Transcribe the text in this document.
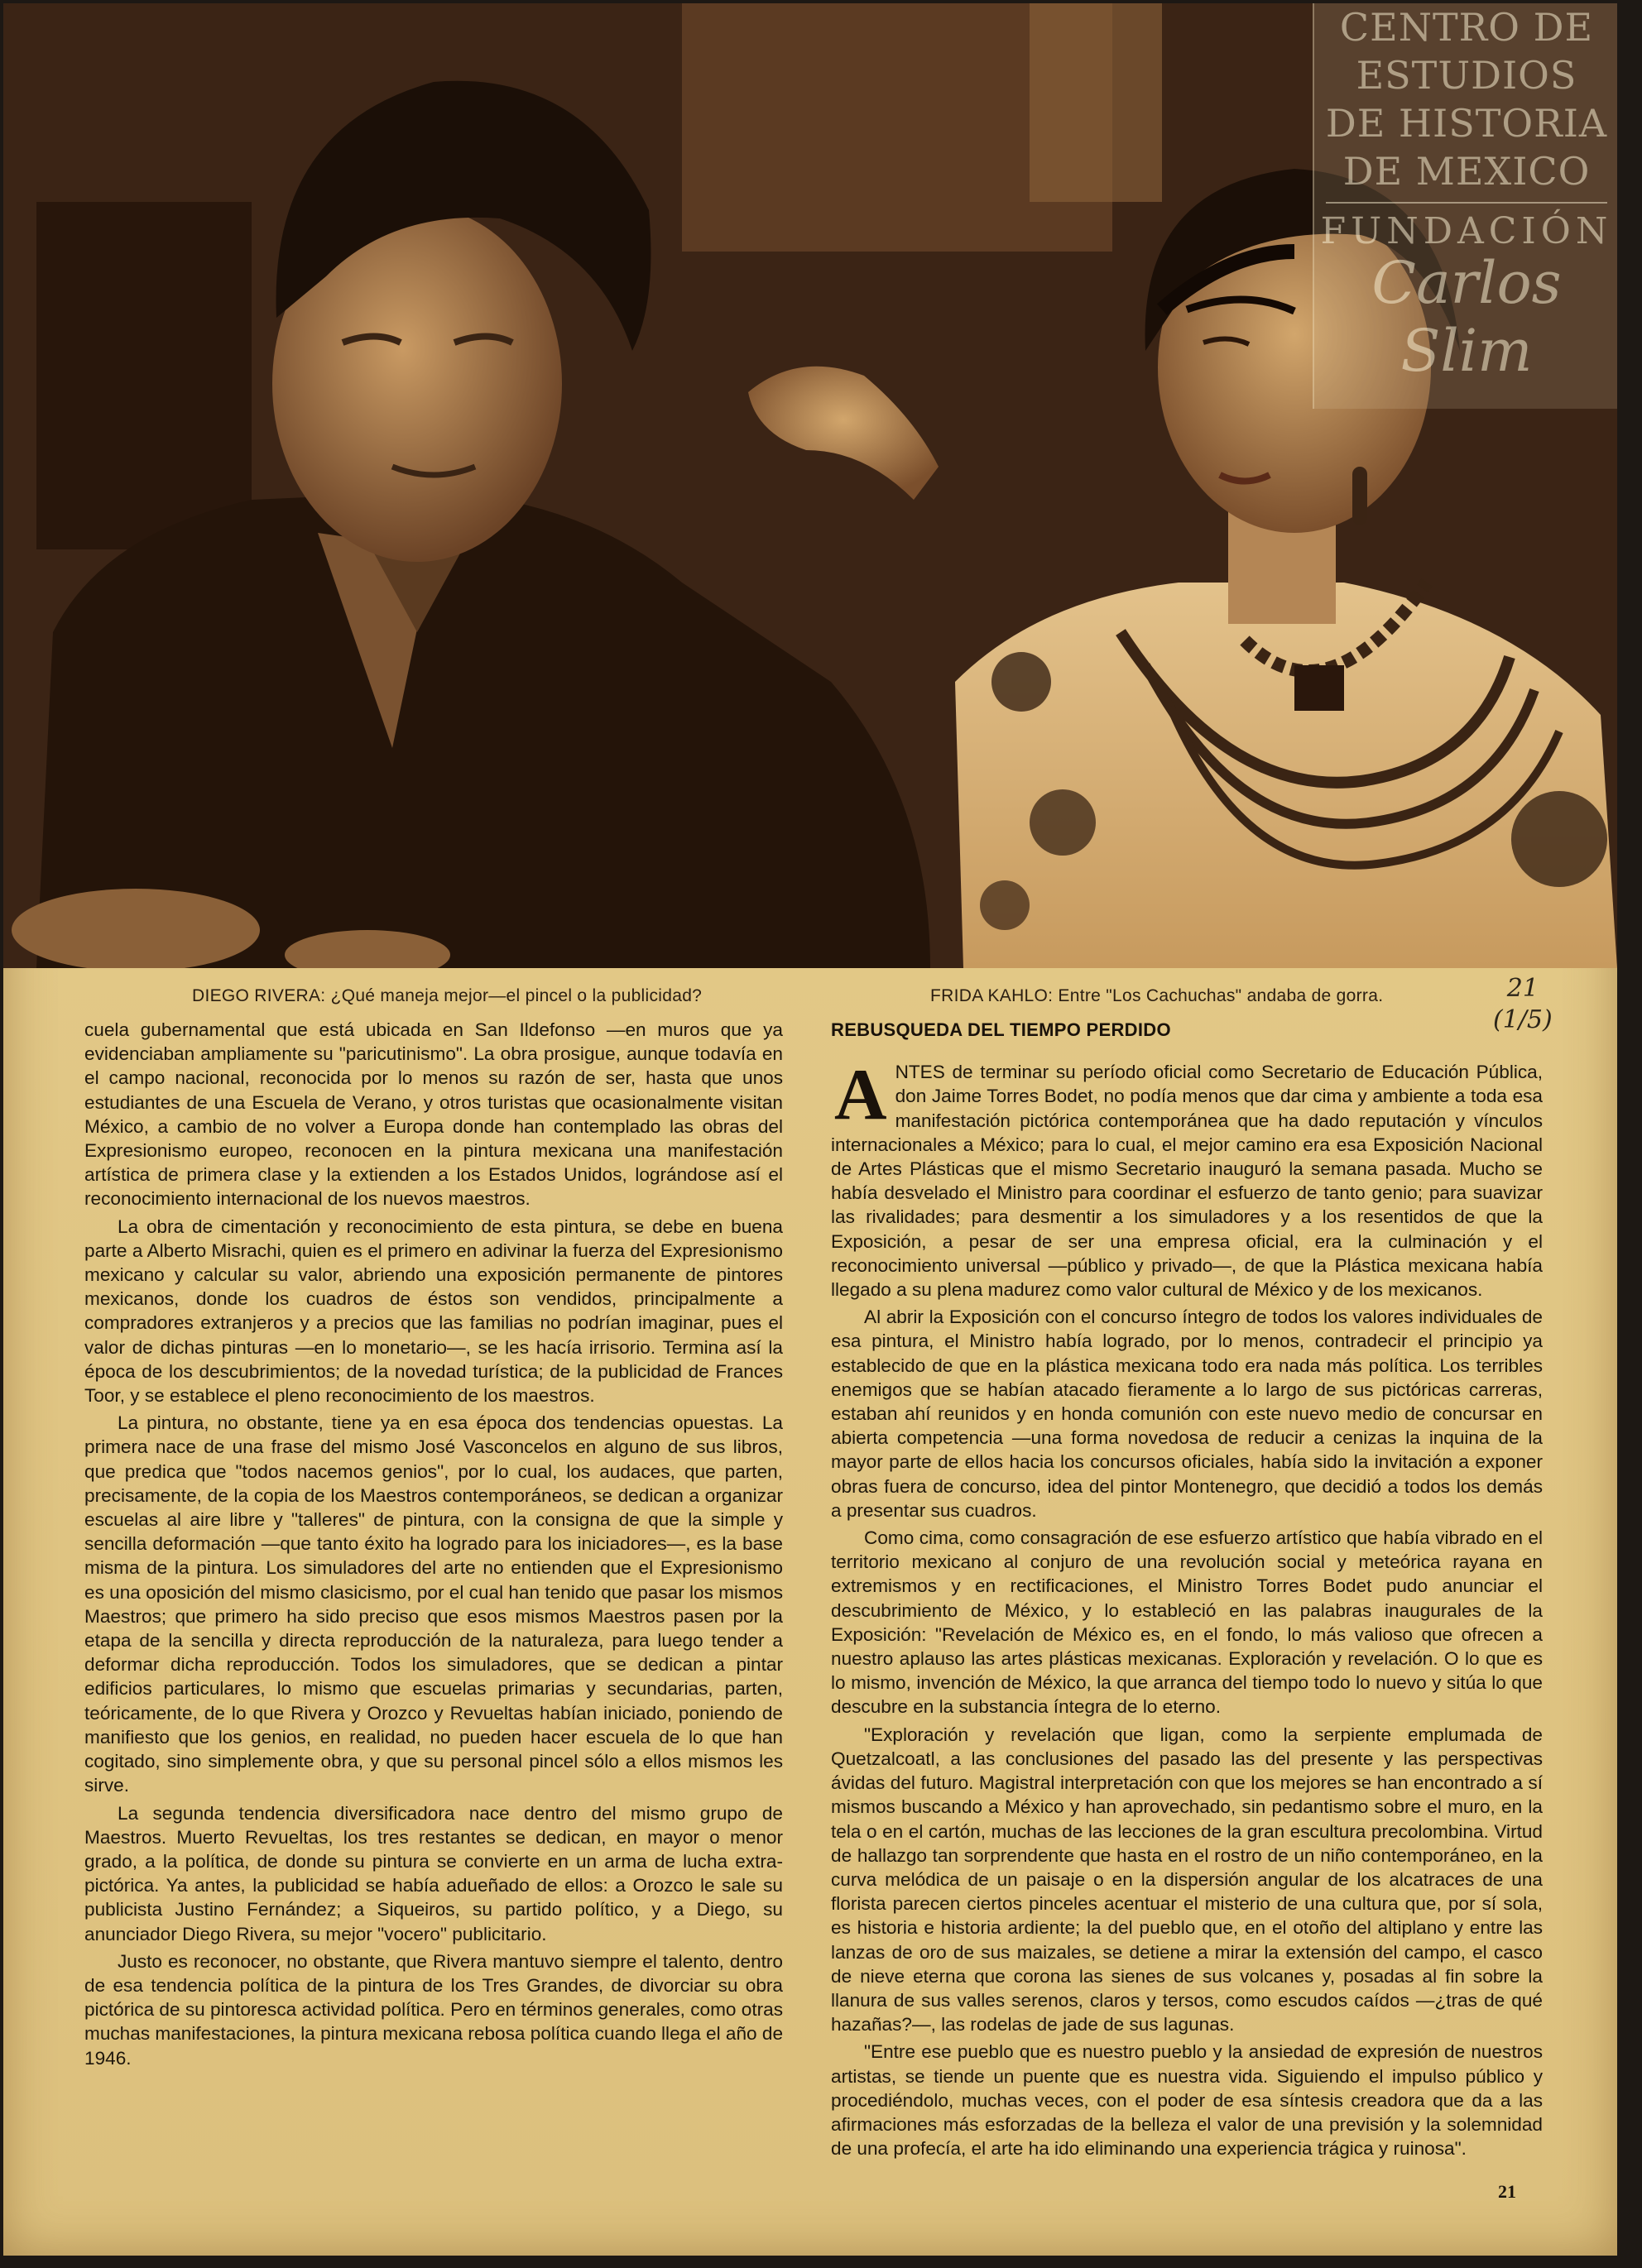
CENTRO DE
ESTUDIOS
DE HISTORIA
DE MEXICO
FUNDACIÓN
Carlos Slim
DIEGO RIVERA: ¿Qué maneja mejor—el pincel o la publicidad?	FRIDA KAHLO: Entre "Los Cachuchas" andaba de gorra.	21
(1/5)

cuela gubernamental que está ubicada en San Ildefonso —en muros que ya evidenciaban ampliamente su "paricutinismo". La obra prosigue, aunque todavía en el campo nacional, reconocida por lo menos su razón de ser, hasta que unos estudiantes de una Escuela de Verano, y otros turistas que ocasionalmente visitan México, a cambio de no volver a Europa donde han contemplado las obras del Expresionismo europeo, reconocen en la pintura mexicana una manifestación artística de primera clase y la extienden a los Estados Unidos, lográndose así el reconocimiento internacional de los nuevos maestros.

La obra de cimentación y reconocimiento de esta pintura, se debe en buena parte a Alberto Misrachi, quien es el primero en adivinar la fuerza del Expresionismo mexicano y calcular su valor, abriendo una exposición permanente de pintores mexicanos, donde los cuadros de éstos son vendidos, principalmente a compradores extranjeros y a precios que las familias no podrían imaginar, pues el valor de dichas pinturas —en lo monetario—, se les hacía irrisorio. Termina así la época de los descubrimientos; de la novedad turística; de la publicidad de Frances Toor, y se establece el pleno reconocimiento de los maestros.

La pintura, no obstante, tiene ya en esa época dos tendencias opuestas. La primera nace de una frase del mismo José Vasconcelos en alguno de sus libros, que predica que "todos nacemos genios", por lo cual, los audaces, que parten, precisamente, de la copia de los Maestros contemporáneos, se dedican a organizar escuelas al aire libre y "talleres" de pintura, con la consigna de que la simple y sencilla deformación —que tanto éxito ha logrado para los iniciadores—, es la base misma de la pintura. Los simuladores del arte no entienden que el Expresionismo es una oposición del mismo clasicismo, por el cual han tenido que pasar los mismos Maestros; que primero ha sido preciso que esos mismos Maestros pasen por la etapa de la sencilla y directa reproducción de la naturaleza, para luego tender a deformar dicha reproducción. Todos los simuladores, que se dedican a pintar edificios particulares, lo mismo que escuelas primarias y secundarias, parten, teóricamente, de lo que Rivera y Orozco y Revueltas habían iniciado, poniendo de manifiesto que los genios, en realidad, no pueden hacer escuela de lo que han cogitado, sino simplemente obra, y que su personal pincel sólo a ellos mismos les sirve.

La segunda tendencia diversificadora nace dentro del mismo grupo de Maestros. Muerto Revueltas, los tres restantes se dedican, en mayor o menor grado, a la política, de donde su pintura se convierte en un arma de lucha extra-pictórica. Ya antes, la publicidad se había adueñado de ellos: a Orozco le sale su publicista Justino Fernández; a Siqueiros, su partido político, y a Diego, su anunciador Diego Rivera, su mejor "vocero" publicitario.

Justo es reconocer, no obstante, que Rivera mantuvo siempre el talento, dentro de esa tendencia política de la pintura de los Tres Grandes, de divorciar su obra pictórica de su pintoresca actividad política. Pero en términos generales, como otras muchas manifestaciones, la pintura mexicana rebosa política cuando llega el año de 1946.

REBUSQUEDA DEL TIEMPO PERDIDO

ANTES de terminar su período oficial como Secretario de Educación Pública, don Jaime Torres Bodet, no podía menos que dar cima y ambiente a toda esa manifestación pictórica contemporánea que ha dado reputación y vínculos internacionales a México; para lo cual, el mejor camino era esa Exposición Nacional de Artes Plásticas que el mismo Secretario inauguró la semana pasada. Mucho se había desvelado el Ministro para coordinar el esfuerzo de tanto genio; para suavizar las rivalidades; para desmentir a los simuladores y a los resentidos de que la Exposición, a pesar de ser una empresa oficial, era la culminación y el reconocimiento universal —público y privado—, de que la Plástica mexicana había llegado a su plena madurez como valor cultural de México y de los mexicanos.

Al abrir la Exposición con el concurso íntegro de todos los valores individuales de esa pintura, el Ministro había logrado, por lo menos, contradecir el principio ya establecido de que en la plástica mexicana todo era nada más política. Los terribles enemigos que se habían atacado fieramente a lo largo de sus pictóricas carreras, estaban ahí reunidos y en honda comunión con este nuevo medio de concursar en abierta competencia —una forma novedosa de reducir a cenizas la inquina de la mayor parte de ellos hacia los concursos oficiales, había sido la invitación a exponer obras fuera de concurso, idea del pintor Montenegro, que decidió a todos los demás a presentar sus cuadros.

Como cima, como consagración de ese esfuerzo artístico que había vibrado en el territorio mexicano al conjuro de una revolución social y meteórica rayana en extremismos y en rectificaciones, el Ministro Torres Bodet pudo anunciar el descubrimiento de México, y lo estableció en las palabras inaugurales de la Exposición: "Revelación de México es, en el fondo, lo más valioso que ofrecen a nuestro aplauso las artes plásticas mexicanas. Exploración y revelación. O lo que es lo mismo, invención de México, la que arranca del tiempo todo lo nuevo y sitúa lo que descubre en la substancia íntegra de lo eterno.

"Exploración y revelación que ligan, como la serpiente emplumada de Quetzalcoatl, a las conclusiones del pasado las del presente y las perspectivas ávidas del futuro. Magistral interpretación con que los mejores se han encontrado a sí mismos buscando a México y han aprovechado, sin pedantismo sobre el muro, en la tela o en el cartón, muchas de las lecciones de la gran escultura precolombina. Virtud de hallazgo tan sorprendente que hasta en el rostro de un niño contemporáneo, en la curva melódica de un paisaje o en la dispersión angular de los alcatraces de una florista parecen ciertos pinceles acentuar el misterio de una cultura que, por sí sola, es historia e historia ardiente; la del pueblo que, en el otoño del altiplano y entre las lanzas de oro de sus maizales, se detiene a mirar la extensión del campo, el casco de nieve eterna que corona las sienes de sus volcanes y, posadas al fin sobre la llanura de sus valles serenos, claros y tersos, como escudos caídos —¿tras de qué hazañas?—, las rodelas de jade de sus lagunas.

"Entre ese pueblo que es nuestro pueblo y la ansiedad de expresión de nuestros artistas, se tiende un puente que es nuestra vida. Siguiendo el impulso público y procediéndolo, muchas veces, con el poder de esa síntesis creadora que da a las afirmaciones más esforzadas de la belleza el valor de una previsión y la solemnidad de una profecía, el arte ha ido eliminando una experiencia trágica y ruinosa".

21
